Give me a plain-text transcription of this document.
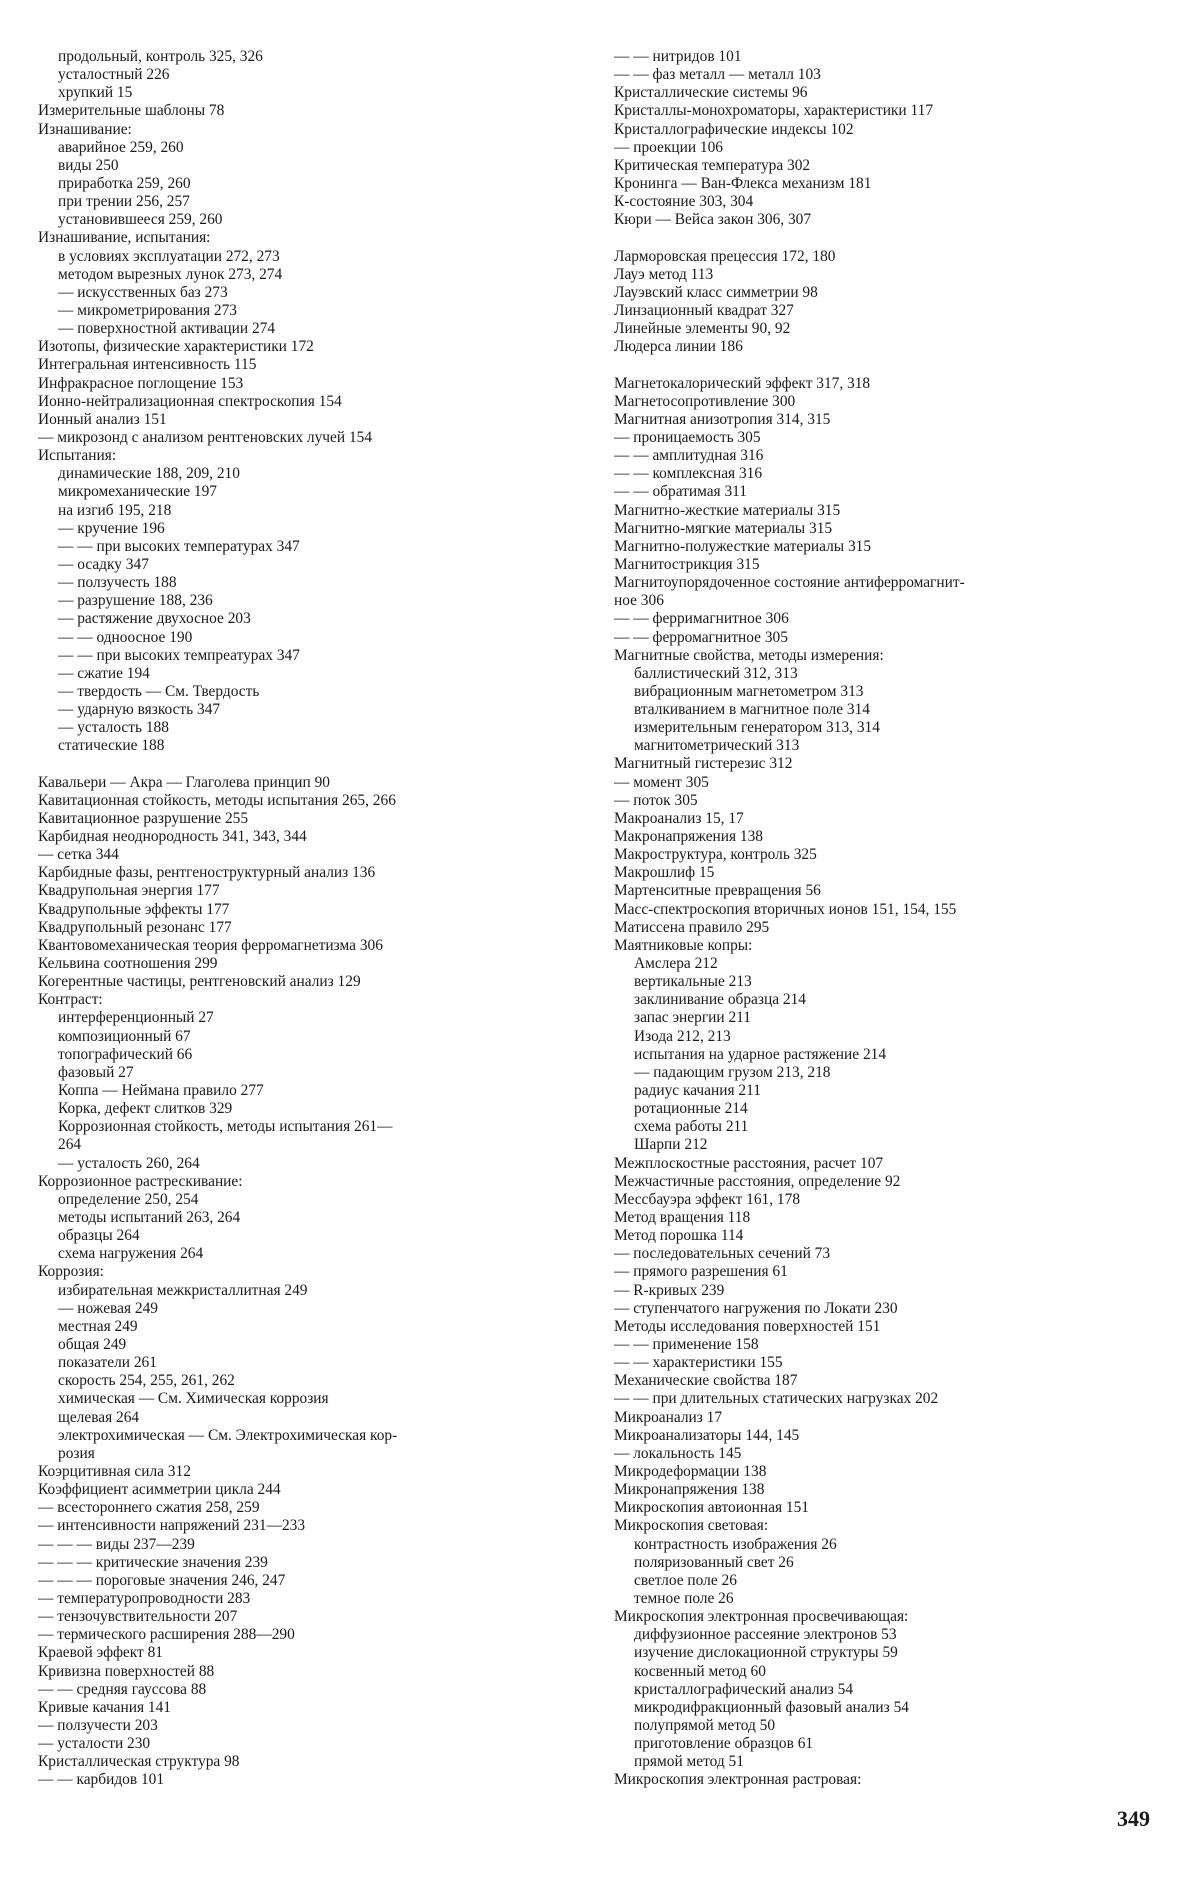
продольный, контроль 325, 326
усталостный 226
хрупкий 15
Измерительные шаблоны 78
Изнашивание:
аварийное 259, 260
виды 250
приработка 259, 260
при трении 256, 257
установившееся 259, 260
Изнашивание, испытания:
в условиях эксплуатации 272, 273
методом вырезных лунок 273, 274
— искусственных баз 273
— микрометрирования 273
— поверхностной активации 274
Изотопы, физические характеристики 172
Интегральная интенсивность 115
Инфракрасное поглощение 153
Ионно-нейтрализационная спектроскопия 154
Ионный анализ 151
— микрозонд с анализом рентгеновских лучей 154
Испытания:
динамические 188, 209, 210
микромеханические 197
на изгиб 195, 218
— кручение 196
— — при высоких температурах 347
— осадку 347
— ползучесть 188
— разрушение 188, 236
— растяжение двухосное 203
— — одноосное 190
— — при высоких темпреатурах 347
— сжатие 194
— твердость — См. Твердость
— ударную вязкость 347
— усталость 188
статические 188
Кавальери — Акра — Глаголева принцип 90
Кавитационная стойкость, методы испытания 265, 266
Кавитационное разрушение 255
Карбидная неоднородность 341, 343, 344
— сетка 344
Карбидные фазы, рентгеноструктурный анализ 136
Квадрупольная энергия 177
Квадрупольные эффекты 177
Квадрупольный резонанс 177
Квантовомеханическая теория ферромагнетизма 306
Кельвина соотношения 299
Когерентные частицы, рентгеновский анализ 129
Контраст:
интерференционный 27
композиционный 67
топографический 66
фазовый 27
Коппа — Неймана правило 277
Корка, дефект слитков 329
Коррозионная стойкость, методы испытания 261—
264
— усталость 260, 264
Коррозионное растрескивание:
определение 250, 254
методы испытаний 263, 264
образцы 264
схема нагружения 264
Коррозия:
избирательная межкристаллитная 249
— ножевая 249
местная 249
общая 249
показатели 261
скорость 254, 255, 261, 262
химическая — См. Химическая коррозия
щелевая 264
электрохимическая — См. Электрохимическая кор-
розия
Коэрцитивная сила 312
Коэффициент асимметрии цикла 244
— всестороннего сжатия 258, 259
— интенсивности напряжений 231—233
— — — виды 237—239
— — — критические значения 239
— — — пороговые значения 246, 247
— температуропроводности 283
— тензочувствительности 207
— термического расширения 288—290
Краевой эффект 81
Кривизна поверхностей 88
— — средняя гауссова 88
Кривые качания 141
— ползучести 203
— усталости 230
Кристаллическая структура 98
— — карбидов 101
— — нитридов 101
— — фаз металл — металл 103
Кристаллические системы 96
Кристаллы-монохроматоры, характеристики 117
Кристаллографические индексы 102
— проекции 106
Критическая температура 302
Кронинга — Ван-Флекса механизм 181
К-состояние 303, 304
Кюри — Вейса закон 306, 307
Ларморовская прецессия 172, 180
Лауэ метод 113
Лауэвский класс симметрии 98
Линзационный квадрат 327
Линейные элементы 90, 92
Людерса линии 186
Магнетокалорический эффект 317, 318
Магнетосопротивление 300
Магнитная анизотропия 314, 315
— проницаемость 305
— — амплитудная 316
— — комплексная 316
— — обратимая 311
Магнитно-жесткие материалы 315
Магнитно-мягкие материалы 315
Магнитно-полужесткие материалы 315
Магнитострикция 315
Магнитоупорядоченное состояние антиферромагнит-
ное 306
— — ферримагнитное 306
— — ферромагнитное 305
Магнитные свойства, методы измерения:
баллистический 312, 313
вибрационным магнетометром 313
вталкиванием в магнитное поле 314
измерительным генератором 313, 314
магнитометрический 313
Магнитный гистерезис 312
— момент 305
— поток 305
Макроанализ 15, 17
Макронапряжения 138
Макроструктура, контроль 325
Макрошлиф 15
Мартенситные превращения 56
Масс-спектроскопия вторичных ионов 151, 154, 155
Матиссена правило 295
Маятниковые копры:
Амслера 212
вертикальные 213
заклинивание образца 214
запас энергии 211
Изода 212, 213
испытания на ударное растяжение 214
— падающим грузом 213, 218
радиус качания 211
ротационные 214
схема работы 211
Шарпи 212
Межплоскостные расстояния, расчет 107
Межчастичные расстояния, определение 92
Мессбауэра эффект 161, 178
Метод вращения 118
Метод порошка 114
— последовательных сечений 73
— прямого разрешения 61
— R-кривых 239
— ступенчатого нагружения по Локати 230
Методы исследования поверхностей 151
— — применение 158
— — характеристики 155
Механические свойства 187
— — при длительных статических нагрузках 202
Микроанализ 17
Микроанализаторы 144, 145
— локальность 145
Микродеформации 138
Микронапряжения 138
Микроскопия автоионная 151
Микроскопия световая:
контрастность изображения 26
поляризованный свет 26
светлое поле 26
темное поле 26
Микроскопия электронная просвечивающая:
диффузионное рассеяние электронов 53
изучение дислокационной структуры 59
косвенный метод 60
кристаллографический анализ 54
микродифракционный фазовый анализ 54
полупрямой метод 50
приготовление образцов 61
прямой метод 51
Микроскопия электронная растровая:
349
